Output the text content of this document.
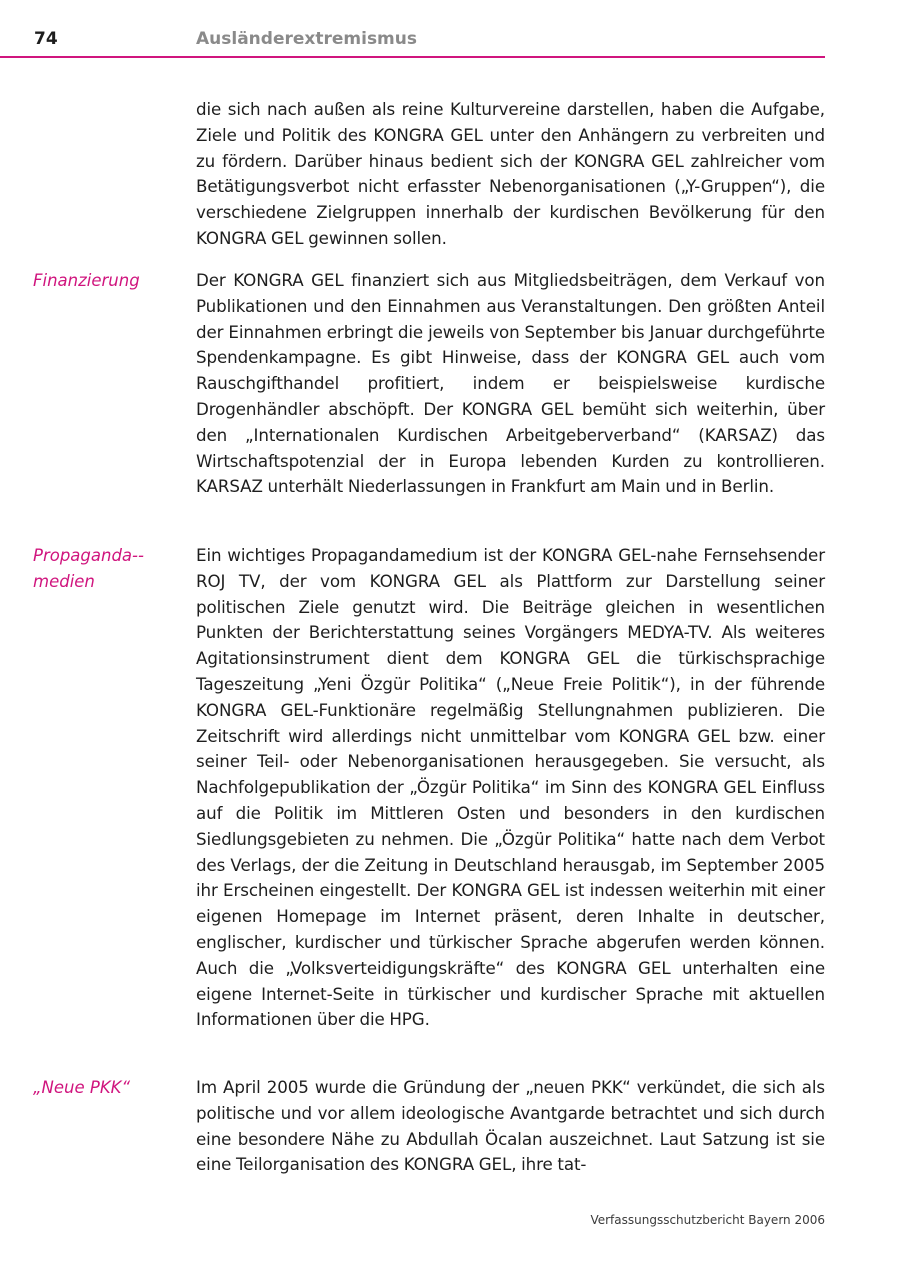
74	Ausländerextremismus

die sich nach außen als reine Kulturvereine darstellen, haben die Aufgabe, Ziele und Politik des KONGRA GEL unter den Anhängern zu verbreiten und zu fördern. Darüber hinaus bedient sich der KONGRA GEL zahlreicher vom Betätigungsverbot nicht erfasster Nebenorganisationen („Y-Gruppen“), die verschiedene Zielgruppen innerhalb der kurdischen Bevölkerung für den KONGRA GEL gewinnen sollen.

Finanzierung	Der KONGRA GEL finanziert sich aus Mitgliedsbeiträgen, dem Verkauf von Publikationen und den Einnahmen aus Veranstaltungen. Den größten Anteil der Einnahmen erbringt die jeweils von September bis Januar durchgeführte Spendenkampagne. Es gibt Hinweise, dass der KONGRA GEL auch vom Rauschgifthandel profitiert, indem er beispielsweise kurdische Drogenhändler abschöpft. Der KONGRA GEL bemüht sich weiterhin, über den „Internationalen Kurdischen Arbeitgeberverband“ (KARSAZ) das Wirtschaftspotenzial der in Europa lebenden Kurden zu kontrollieren. KARSAZ unterhält Niederlassungen in Frankfurt am Main und in Berlin.

Propaganda-medien

Ein wichtiges Propagandamedium ist der KONGRA GEL-nahe Fernsehsender ROJ TV, der vom KONGRA GEL als Plattform zur Darstellung seiner politischen Ziele genutzt wird. Die Beiträge gleichen in wesentlichen Punkten der Berichterstattung seines Vorgängers MEDYA-TV. Als weiteres Agitationsinstrument dient dem KONGRA GEL die türkischsprachige Tageszeitung „Yeni Özgür Politika“ („Neue Freie Politik“), in der führende KONGRA GEL-Funktionäre regelmäßig Stellungnahmen publizieren. Die Zeitschrift wird allerdings nicht unmittelbar vom KONGRA GEL bzw. einer seiner Teil- oder Nebenorganisationen herausgegeben. Sie versucht, als Nachfolgepublikation der „Özgür Politika“ im Sinn des KONGRA GEL Einfluss auf die Politik im Mittleren Osten und besonders in den kurdischen Siedlungsgebieten zu nehmen. Die „Özgür Politika“ hatte nach dem Verbot des Verlags, der die Zeitung in Deutschland herausgab, im September 2005 ihr Erscheinen eingestellt. Der KONGRA GEL ist indessen weiterhin mit einer eigenen Homepage im Internet präsent, deren Inhalte in deutscher, englischer, kurdischer und türkischer Sprache abgerufen werden können. Auch die „Volksverteidigungskräfte“ des KONGRA GEL unterhalten eine eigene Internet-Seite in türkischer und kurdischer Sprache mit aktuellen Informationen über die HPG.

„Neue PKK“	Im April 2005 wurde die Gründung der „neuen PKK“ verkündet, die sich als politische und vor allem ideologische Avantgarde betrachtet und sich durch eine besondere Nähe zu Abdullah Öcalan auszeichnet. Laut Satzung ist sie eine Teilorganisation des KONGRA GEL, ihre tat-

Verfassungsschutzbericht Bayern 2006
